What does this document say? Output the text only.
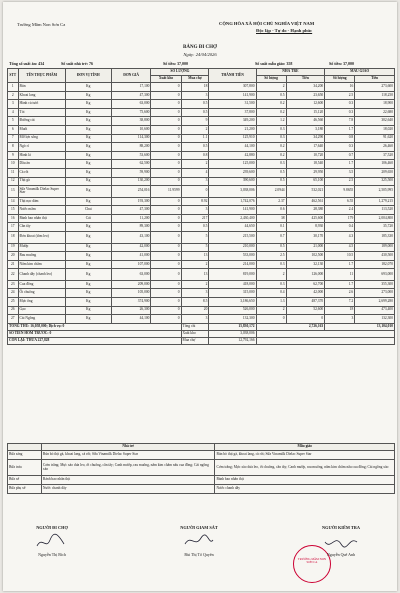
Trường Mầm Non Sơn Ca	CỘNG HÒA XÃ HỘI CHỦ NGHĨA VIỆT NAM
Độc lập - Tự do - Hạnh phúc
BẢNG ĐI CHỢ
Ngày: 24/04/2026
Tổng số suất ăn: 434	Số suất nhà trẻ: 76	Số tiền: 37,000	Số suất mẫu giáo: 358	Số tiền: 37,000
STT	TÊN THỰC PHẨM	ĐƠN VỊ TÍNH	ĐƠN GIÁ	SỐ LƯỢNG		THÀNH TIỀN	NHÀ TRẺ		MẪU GIÁO	
				Xuất kho	Mua chợ		Số lượng	Tiền	Số lượng	Tiền
1	Bún	Kg	17,100	0	18	307,800	2	34,200	16	273,600
2	Khoai lang	Kg	47,300	0	3	141,900	0.5	23,650	2.5	118,250
3	Hành củ tươi	Kg	63,000	0	0.5	31,500	0.2	12,600	0.3	18,900
4	Tỏi	Kg	75,600	0	0.5	37,800	0.2	15,120	0.3	22,680
5	Đường cát	Kg	38,800	0	9	349,200	1.2	46,560	7.8	302,640
6	Muối	Kg	10,600	0	2	21,200	0.3	3,180	1.7	18,020
7	Mỡ lợn sống	Kg	114,300	0	1.1	125,910	0.3	34,290	0.8	91,620
8	Ngò rí	Kg	88,200	0	0.5	44,100	0.2	17,640	0.3	26,460
9	Hành lá	Kg	53,600	0	0.8	42,880	0.2	10,720	0.7	37,520
10	Dầu ăn	Kg	62,500	0	2	125,000	0.3	18,540	1.7	106,460
11	Cà rốt	Kg	59,900	0	4	239,600	0.5	29,950	3.5	209,650
12	Thịt gà	Kg	130,200	0	3	390,600	0.5	65,100	2.5	325,500
13	Sữa Vinamilk Dielac Super Star	Kg	254,016	11.9599	0	3,038,006	2.0944	532,021	9.8655	2,505,995
14	Thịt nạc dăm	Kg	193,300	0	8.92	1,742,076	2.37	462,561	6.55	1,279,215
15	Nước mắm	Chai	47,300	0	3	141,900	0.6	28,380	2.4	113,520
16	Bánh bao nhân thịt	Cái	11,200	0	217	2,430,400	38	425,600	179	2,004,800
17	Cần tây	Kg	89,300	0	0.5	44,650	0.1	8,930	0.4	35,720
18	Đơn khoai (tôm leo)	Kg	43,100	0	5	215,500	0.7	30,170	4.3	185,330
19	Mướp	Kg	42,000	0	5	210,000	0.5	21,000	4.5	189,000
20	Rau muống	Kg	41,000	0	13	533,000	2.5	102,500	10.5	430,500
21	Nấm kim châm	Kg	107,000	0	2	214,000	0.3	32,130	1.7	182,070
22	Chanh dây (chanh leo)	Kg	63,000	0	13	819,000	2	126,000	11	693,000
23	Cua đồng	Kg	209,000	0	2	418,000	0.3	62,700	1.7	355,300
24	Ốt chuông	Kg	105,000	0	3	315,000	0.4	42,000	2.6	273,000
25	Mực ống	Kg	374,900	0	8.5	3,186,650	1.3	487,370	7.2	2,699,280
26	Gạo	Kg	26,300	0	20	526,000	2	52,600	18	473,400
27	Cải Ngồng	Kg	44,100	0	3	132,300	0	0	3	132,300
TỔNG THU: 16,058,000; Dịch vụ: 0					Tổng chi	15,830,172	2,726,163		13,104,010	
SỐ TIỀN HÔM TRƯỚC: 0					Xuất kho	3,038,006				
CÒN LẠI: THỪA 227,828					Mua chợ	12,792,166				
	Nhà trẻ	Mẫu giáo
Bữa sáng	Bún bò thịt gà, khoai lang, cà rốt; Sữa Vinamilk Dielac Super Star	Bún bò thịt gà, khoai lang, cà rốt; Sữa Vinamilk Dielac Super Star
Bữa trưa	Cơm trắng; Mực xào dưa leo, ớt chuông, cần tây; Canh mướp, rau muống, nấm kim châm nấu cua đồng; Cải ngồng xào	Cơm trắng; Mực xào dưa leo, ớt chuông, cần tây; Canh mướp, rau muống, nấm kim châm nấu cua đồng; Cải ngồng xào
Bữa xế	Bánh bao nhân thịt	Bánh bao nhân thịt
Bữa phụ xế	Nước chanh dây	Nước chanh dây
NGƯỜI ĐI CHỢ
Nguyễn Thị Bích
NGƯỜI GIAM SÁT
Bùi Thị Tố Quyên
TRƯỜNG MẦM NON SƠN CA
NGƯỜI KIỂM TRA
Nguyễn Quế Anh
